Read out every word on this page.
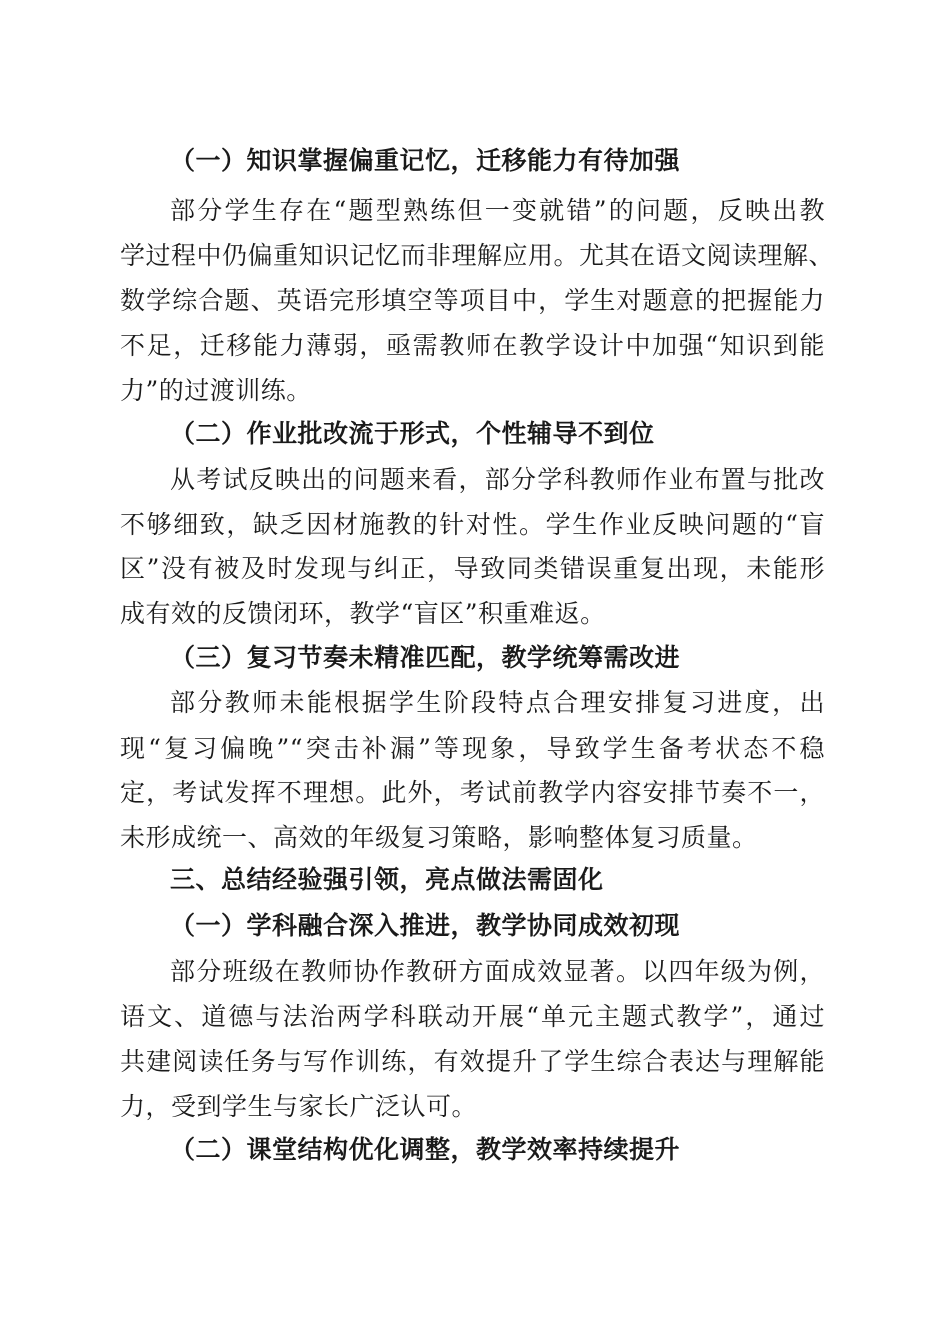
（一）知识掌握偏重记忆，迁移能力有待加强
部分学生存在“题型熟练但一变就错”的问题，反映出教
学过程中仍偏重知识记忆而非理解应用。尤其在语文阅读理解、
数学综合题、英语完形填空等项目中，学生对题意的把握能力
不足，迁移能力薄弱，亟需教师在教学设计中加强“知识到能
力”的过渡训练。
（二）作业批改流于形式，个性辅导不到位
从考试反映出的问题来看，部分学科教师作业布置与批改
不够细致，缺乏因材施教的针对性。学生作业反映问题的“盲
区”没有被及时发现与纠正，导致同类错误重复出现，未能形
成有效的反馈闭环，教学“盲区”积重难返。
（三）复习节奏未精准匹配，教学统筹需改进
部分教师未能根据学生阶段特点合理安排复习进度，出
现“复习偏晚”“突击补漏”等现象，导致学生备考状态不稳
定，考试发挥不理想。此外，考试前教学内容安排节奏不一，
未形成统一、高效的年级复习策略，影响整体复习质量。
三、总结经验强引领，亮点做法需固化
（一）学科融合深入推进，教学协同成效初现
部分班级在教师协作教研方面成效显著。以四年级为例，
语文、道德与法治两学科联动开展“单元主题式教学”，通过
共建阅读任务与写作训练，有效提升了学生综合表达与理解能
力，受到学生与家长广泛认可。
（二）课堂结构优化调整，教学效率持续提升
